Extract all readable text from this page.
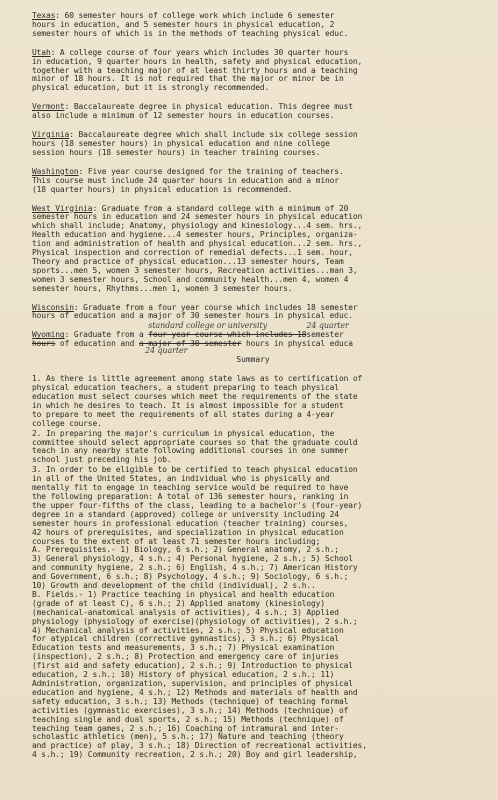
Texas: 60 semester hours of college work which include 6 semester
hours in education, and 5 semester hours in physical education, 2
semester hours of which is in the methods of teaching physical educ.

Utah: A college course of four years which includes 30 quarter hours
in education, 9 quarter hours in health, safety and physical education,
together with a teaching major of at least thirty hours and a teaching
minor of 18 hours. It is not required that the major or minor be in
physical education, but it is strongly recommended.

Vermont: Baccalaureate degree in physical education. This degree must
also include a minimum of 12 semester hours in education courses.

Virginia: Baccalaureate degree which shall include six college session
hours (18 semester hours) in physical education and nine college
session hours (18 semester hours) in teacher training courses.

Washington: Five year course designed for the training of teachers.
This course must include 24 quarter hours in education and a minor
(18 quarter hours) in physical education is recommended.

West Virginia: Graduate from a standard college with a minimum of 20
semester hours in education and 24 semester hours in physical education
which shall include; Anatomy, physiology and kinesiology...4 sem. hrs.,
Health education and hygiene...4 semester hours, Principles, organiza-
tion and administration of health and physical education...2 sem. hrs.,
Physical inspection and correction of remedial defects...1 sem. hour,
Theory and practice of physical education...13 semester hours, Team
sports...men 5, women 3 semester hours, Recreation activities...man 3,
women 3 semester hours, School and community health...men 4, women 4
semester hours, Rhythms...men 1, women 3 semester hours.

Wisconsin: Graduate from a four year course which includes 18 semester
hours of education and a major of 30 semester hours in physical educ.

Wyoming: Graduate from a
standard college or university
four year course which includes 18
24 quarter
semester
hours of education and a major of 30 semester
24 quarter
hours in physical educa
Summary

1. As there is little agreement among state laws as to certification of
physical education teachers, a student preparing to teach physical
education must select courses which meet the requirements of the state
in which he desires to teach. It is almost impossible for a student
to prepare to meet the requirements of all states during a 4-year
college course.

2. In preparing the major's curriculum in physical education, the
committee should select appropriate courses so that the graduate could
teach in any nearby state following additional courses in one summer
school just preceding his job.

3. In order to be eligible to be certified to teach physical education
in all of the United States, an individual who is physically and
mentally fit to engage in teaching service would be required to have
the following preparation: A total of 136 semester hours, ranking in
the upper four-fifths of the class, leading to a bachelor's (four-year)
degree in a standard (approved) college or university including 24
semester hours in professional education (teacher training) courses,
42 hours of prerequisites, and specialization in physical education
courses to the extent of at least 71 semester hours including;
A. Prerequisites.- 1) Biology, 6 s.h.; 2) General anatomy, 2 s.h.;
3) General physiology, 4 s.h.; 4) Personal hygiene, 2 s.h.; 5) School
and community hygiene, 2 s.h.; 6) English, 4 s.h.; 7) American History
and Government, 6 s.h.; 8) Psychology, 4 s.h.; 9) Sociology, 6 s.h.;
10) Growth and development of the child (individual), 2 s.h..
B. Fields.- 1) Practice teaching in physical and health education
(grade of at least C), 6 s.h.; 2) Applied anatomy (kinesiology)
(mechanical-anatomical analysis of activities), 4 s.h.; 3) Applied
physiology (physiology of exercise)(physiology of activities), 2 s.h.;
4) Mechanical analysis of activities, 2 s.h.; 5) Physical education
for atypical children (corrective gymnastics), 3 s.h.; 6) Physical
Education tests and measurements, 3 s.h.; 7) Physical examination
(inspection), 2 s.h.; 8) Protection and emergency care of injuries
(first aid and safety education), 2 s.h.; 9) Introduction to physical
education, 2 s.h.; 10) History of physical education, 2 s.h.; 11)
Administration, organization, supervision, and principles of physical
education and hygiene, 4 s.h.; 12) Methods and materials of health and
safety education, 3 s.h.; 13) Methods (technique) of teaching formal
activities (gymnastic exercises), 3 s.h.; 14) Methods (technique) of
teaching single and dual sports, 2 s.h.; 15) Methods (technique) of
teaching team games, 2 s.h.; 16) Coaching of intramural and inter-
scholastic athletics (men), 5 s.h.; 17) Nature and teaching (theory
and practice) of play, 3 s.h.; 18) Direction of recreational activities,
4 s.h.; 19) Community recreation, 2 s.h.; 20) Boy and girl leadership,
